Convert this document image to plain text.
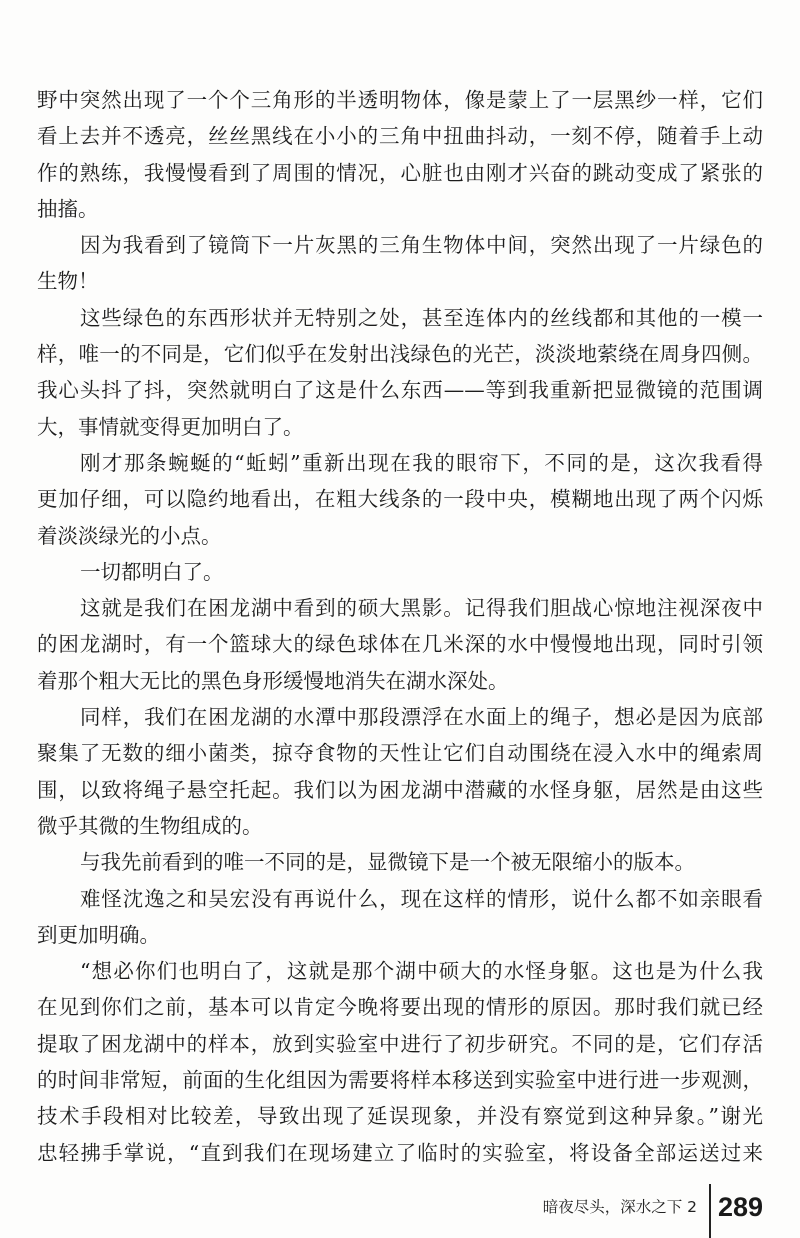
野中突然出现了一个个三角形的半透明物体，像是蒙上了一层黑纱一样，它们
看上去并不透亮，丝丝黑线在小小的三角中扭曲抖动，一刻不停，随着手上动
作的熟练，我慢慢看到了周围的情况，心脏也由刚才兴奋的跳动变成了紧张的
抽搐。
因为我看到了镜筒下一片灰黑的三角生物体中间，突然出现了一片绿色的
生物！
这些绿色的东西形状并无特别之处，甚至连体内的丝线都和其他的一模一
样，唯一的不同是，它们似乎在发射出浅绿色的光芒，淡淡地萦绕在周身四侧。
我心头抖了抖，突然就明白了这是什么东西——等到我重新把显微镜的范围调
大，事情就变得更加明白了。
刚才那条蜿蜒的“蚯蚓”重新出现在我的眼帘下，不同的是，这次我看得
更加仔细，可以隐约地看出，在粗大线条的一段中央，模糊地出现了两个闪烁
着淡淡绿光的小点。
一切都明白了。
这就是我们在困龙湖中看到的硕大黑影。记得我们胆战心惊地注视深夜中
的困龙湖时，有一个篮球大的绿色球体在几米深的水中慢慢地出现，同时引领
着那个粗大无比的黑色身形缓慢地消失在湖水深处。
同样，我们在困龙湖的水潭中那段漂浮在水面上的绳子，想必是因为底部
聚集了无数的细小菌类，掠夺食物的天性让它们自动围绕在浸入水中的绳索周
围，以致将绳子悬空托起。我们以为困龙湖中潜藏的水怪身躯，居然是由这些
微乎其微的生物组成的。
与我先前看到的唯一不同的是，显微镜下是一个被无限缩小的版本。
难怪沈逸之和吴宏没有再说什么，现在这样的情形，说什么都不如亲眼看
到更加明确。
“想必你们也明白了，这就是那个湖中硕大的水怪身躯。这也是为什么我
在见到你们之前，基本可以肯定今晚将要出现的情形的原因。那时我们就已经
提取了困龙湖中的样本，放到实验室中进行了初步研究。不同的是，它们存活
的时间非常短，前面的生化组因为需要将样本移送到实验室中进行进一步观测，
技术手段相对比较差，导致出现了延误现象，并没有察觉到这种异象。”谢光
忠轻拂手掌说，“直到我们在现场建立了临时的实验室，将设备全部运送过来
暗夜尽头，深水之下 2 289
